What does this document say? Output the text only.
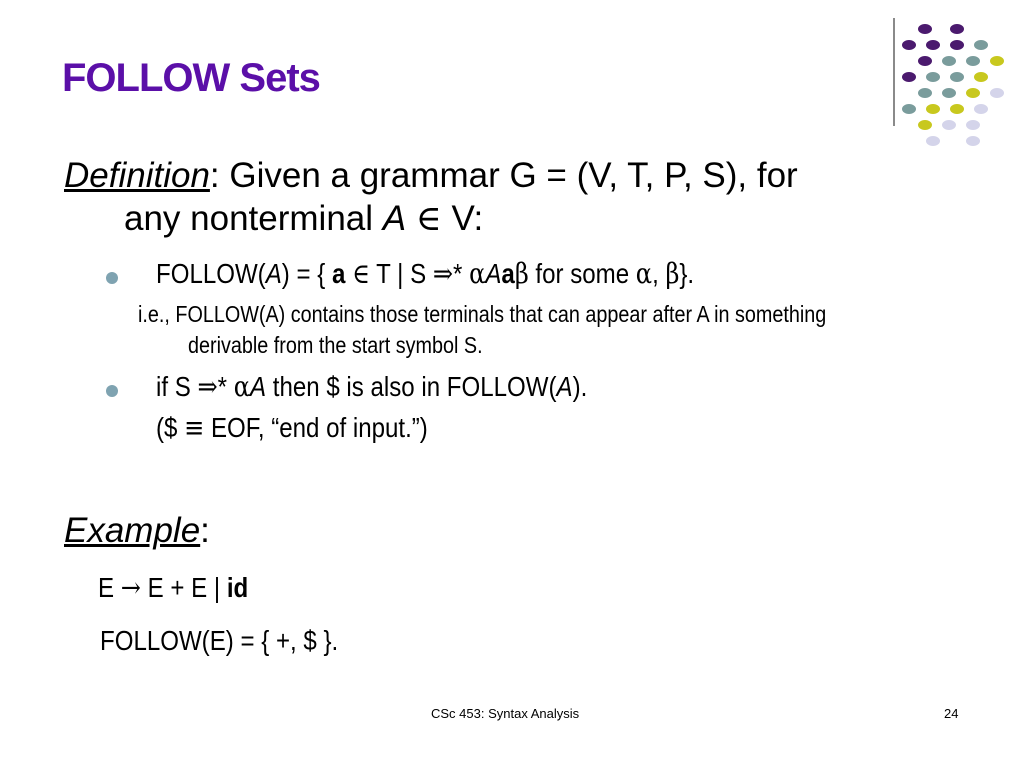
FOLLOW Sets
Definition: Given a grammar G = (V, T, P, S), for
any nonterminal A ∈ V:
FOLLOW(A) = { a ∈ T | S ⇒* αAaβ for some α, β}.
i.e., FOLLOW(A) contains those terminals that can appear after A in something
derivable from the start symbol S.
if S ⇒* αA then $ is also in FOLLOW(A).
($ ≡ EOF, “end of input.”)
Example:
E → E + E | id
FOLLOW(E) = { +, $ }.
CSc 453: Syntax Analysis	24
